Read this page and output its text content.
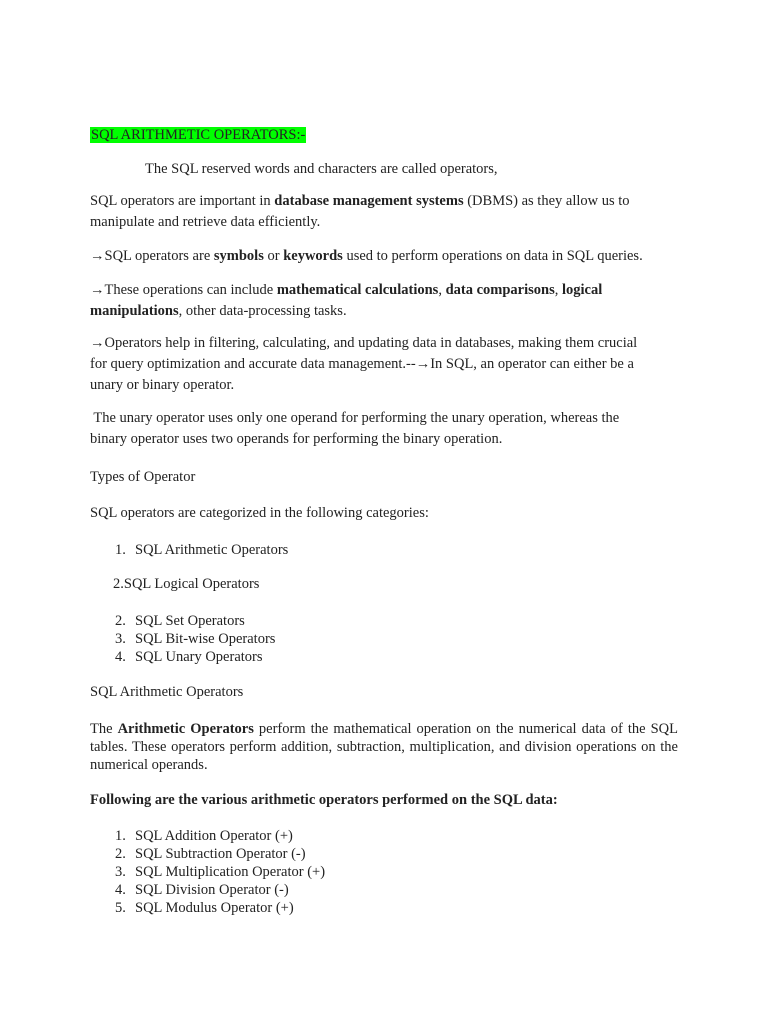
SQL ARITHMETIC OPERATORS:-
The SQL reserved words and characters are called operators,
SQL operators are important in database management systems (DBMS) as they allow us to
manipulate and retrieve data efficiently.
→SQL operators are symbols or keywords used to perform operations on data in SQL queries.
→These operations can include mathematical calculations, data comparisons, logical
manipulations, other data-processing tasks.
→Operators help in filtering, calculating, and updating data in databases, making them crucial
for query optimization and accurate data management.--→In SQL, an operator can either be a
unary or binary operator.
The unary operator uses only one operand for performing the unary operation, whereas the
binary operator uses two operands for performing the binary operation.
Types of Operator
SQL operators are categorized in the following categories:
1. SQL Arithmetic Operators
2.SQL Logical Operators
2. SQL Set Operators
3. SQL Bit-wise Operators
4. SQL Unary Operators
SQL Arithmetic Operators
The Arithmetic Operators perform the mathematical operation on the numerical data of the SQL tables. These operators perform addition, subtraction, multiplication, and division operations on the numerical operands.
Following are the various arithmetic operators performed on the SQL data:
1. SQL Addition Operator (+)
2. SQL Subtraction Operator (-)
3. SQL Multiplication Operator (+)
4. SQL Division Operator (-)
5. SQL Modulus Operator (+)
